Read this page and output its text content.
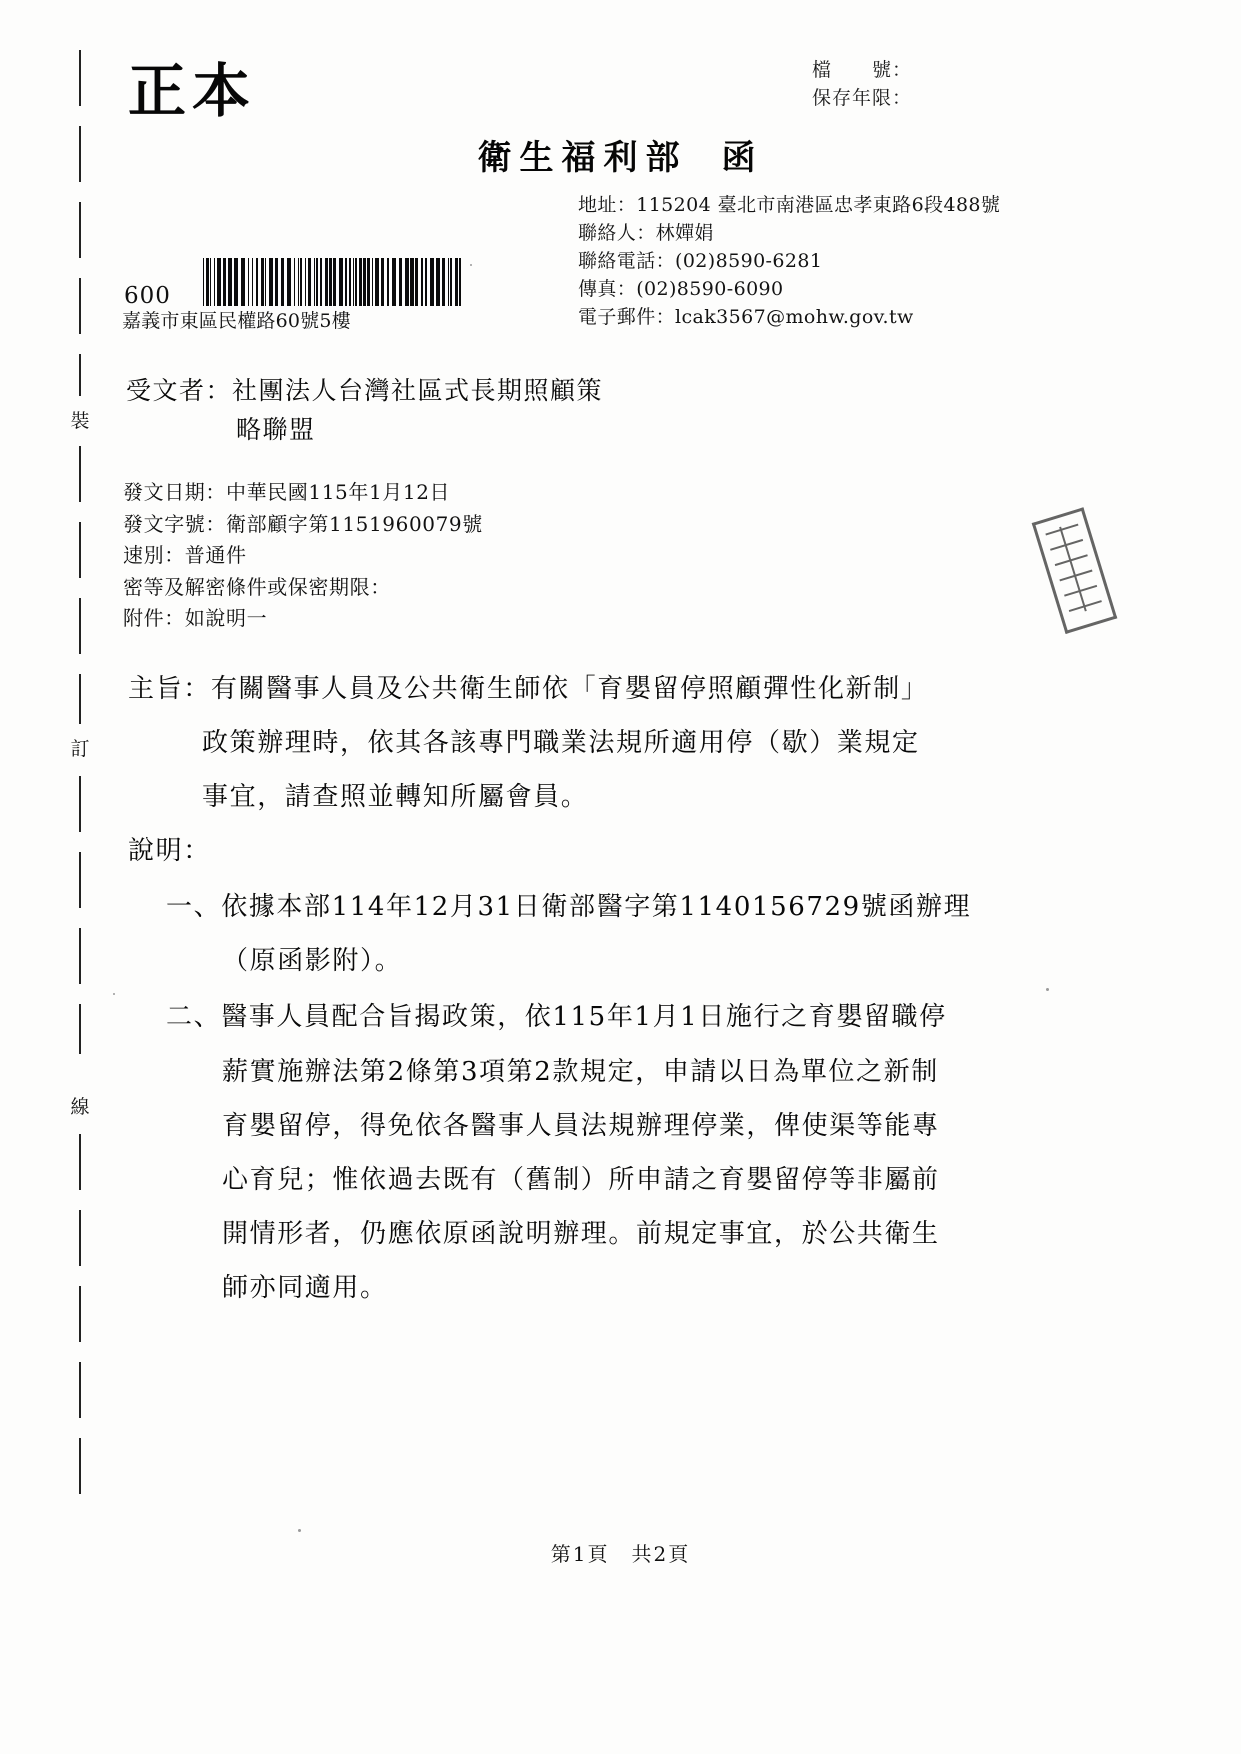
裝
訂
線
正本	檔　　號：
保存年限：
衛生福利部 函
地址：115204 臺北市南港區忠孝東路6段488號
聯絡人：林嬋娟
聯絡電話：(02)8590-6281
傳真：(02)8590-6090
電子郵件：lcak3567@mohw.gov.tw
600
嘉義市東區民權路60號5樓
受文者：社團法人台灣社區式長期照顧策
略聯盟
發文日期：中華民國115年1月12日
發文字號：衛部顧字第1151960079號
速別：普通件
密等及解密條件或保密期限：
附件：如說明一
主旨：有關醫事人員及公共衛生師依「育嬰留停照顧彈性化新制」
政策辦理時，依其各該專門職業法規所適用停（歇）業規定
事宜，請查照並轉知所屬會員。
說明：
一、依據本部114年12月31日衛部醫字第1140156729號函辦理
（原函影附）。
二、醫事人員配合旨揭政策，依115年1月1日施行之育嬰留職停
薪實施辦法第2條第3項第2款規定，申請以日為單位之新制
育嬰留停，得免依各醫事人員法規辦理停業，俾使渠等能專
心育兒；惟依過去既有（舊制）所申請之育嬰留停等非屬前
開情形者，仍應依原函說明辦理。前規定事宜，於公共衛生
師亦同適用。
第1頁　共2頁
